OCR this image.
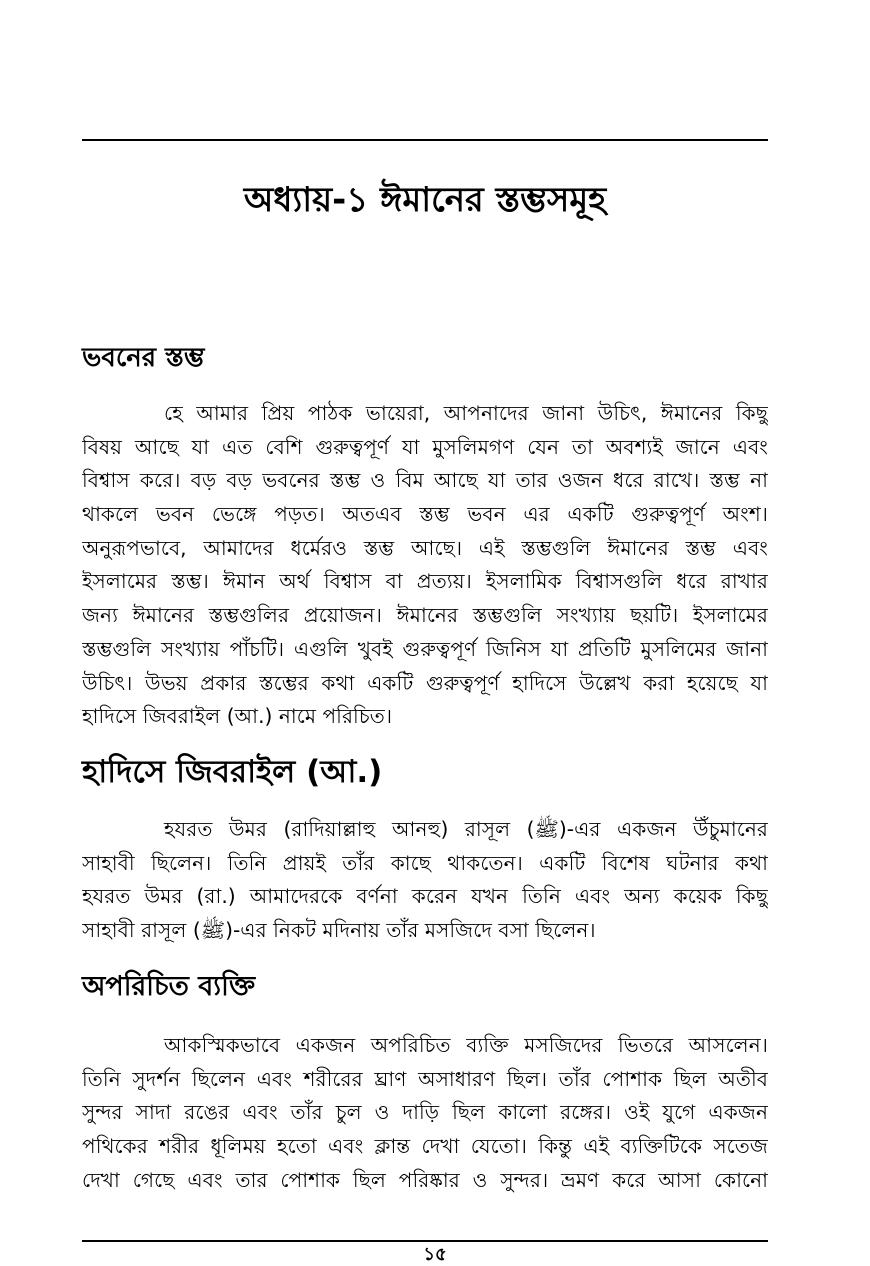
অধ্যায়-১ ঈমানের স্তম্ভসমূহ
ভবনের স্তম্ভ
হে আমার প্রিয় পাঠক ভায়েরা, আপনাদের জানা উচিৎ, ঈমানের কিছু
বিষয় আছে যা এত বেশি গুরুত্বপূর্ণ যা মুসলিমগণ যেন তা অবশ্যই জানে এবং
বিশ্বাস করে। বড় বড় ভবনের স্তম্ভ ও বিম আছে যা তার ওজন ধরে রাখে। স্তম্ভ না
থাকলে ভবন ভেঙ্গে পড়ত। অতএব স্তম্ভ ভবন এর একটি গুরুত্বপূর্ণ অংশ।
অনুরূপভাবে, আমাদের ধর্মেরও স্তম্ভ আছে। এই স্তম্ভগুলি ঈমানের স্তম্ভ এবং
ইসলামের স্তম্ভ। ঈমান অর্থ বিশ্বাস বা প্রত্যয়। ইসলামিক বিশ্বাসগুলি ধরে রাখার
জন্য ঈমানের স্তম্ভগুলির প্রয়োজন। ঈমানের স্তম্ভগুলি সংখ্যায় ছয়টি। ইসলামের
স্তম্ভগুলি সংখ্যায় পাঁচটি। এগুলি খুবই গুরুত্বপূর্ণ জিনিস যা প্রতিটি মুসলিমের জানা
উচিৎ। উভয় প্রকার স্তম্ভের কথা একটি গুরুত্বপূর্ণ হাদিসে উল্লেখ করা হয়েছে যা
হাদিসে জিবরাইল (আ.) নামে পরিচিত।
হাদিসে জিবরাইল (আ.)
হযরত উমর (রাদিয়াল্লাহু আনহু) রাসূল (ﷺ)-এর একজন উঁচুমানের
সাহাবী ছিলেন। তিনি প্রায়ই তাঁর কাছে থাকতেন। একটি বিশেষ ঘটনার কথা
হযরত উমর (রা.) আমাদেরকে বর্ণনা করেন যখন তিনি এবং অন্য কয়েক কিছু
সাহাবী রাসূল (ﷺ)-এর নিকট মদিনায় তাঁর মসজিদে বসা ছিলেন।
অপরিচিত ব্যক্তি
আকস্মিকভাবে একজন অপরিচিত ব্যক্তি মসজিদের ভিতরে আসলেন।
তিনি সুদর্শন ছিলেন এবং শরীরের ঘ্রাণ অসাধারণ ছিল। তাঁর পোশাক ছিল অতীব
সুন্দর সাদা রঙের এবং তাঁর চুল ও দাড়ি ছিল কালো রঙ্গের। ওই যুগে একজন
পথিকের শরীর ধূলিময় হতো এবং ক্লান্ত দেখা যেতো। কিন্তু এই ব্যক্তিটিকে সতেজ
দেখা গেছে এবং তার পোশাক ছিল পরিষ্কার ও সুন্দর। ভ্রমণ করে আসা কোনো

১৫
